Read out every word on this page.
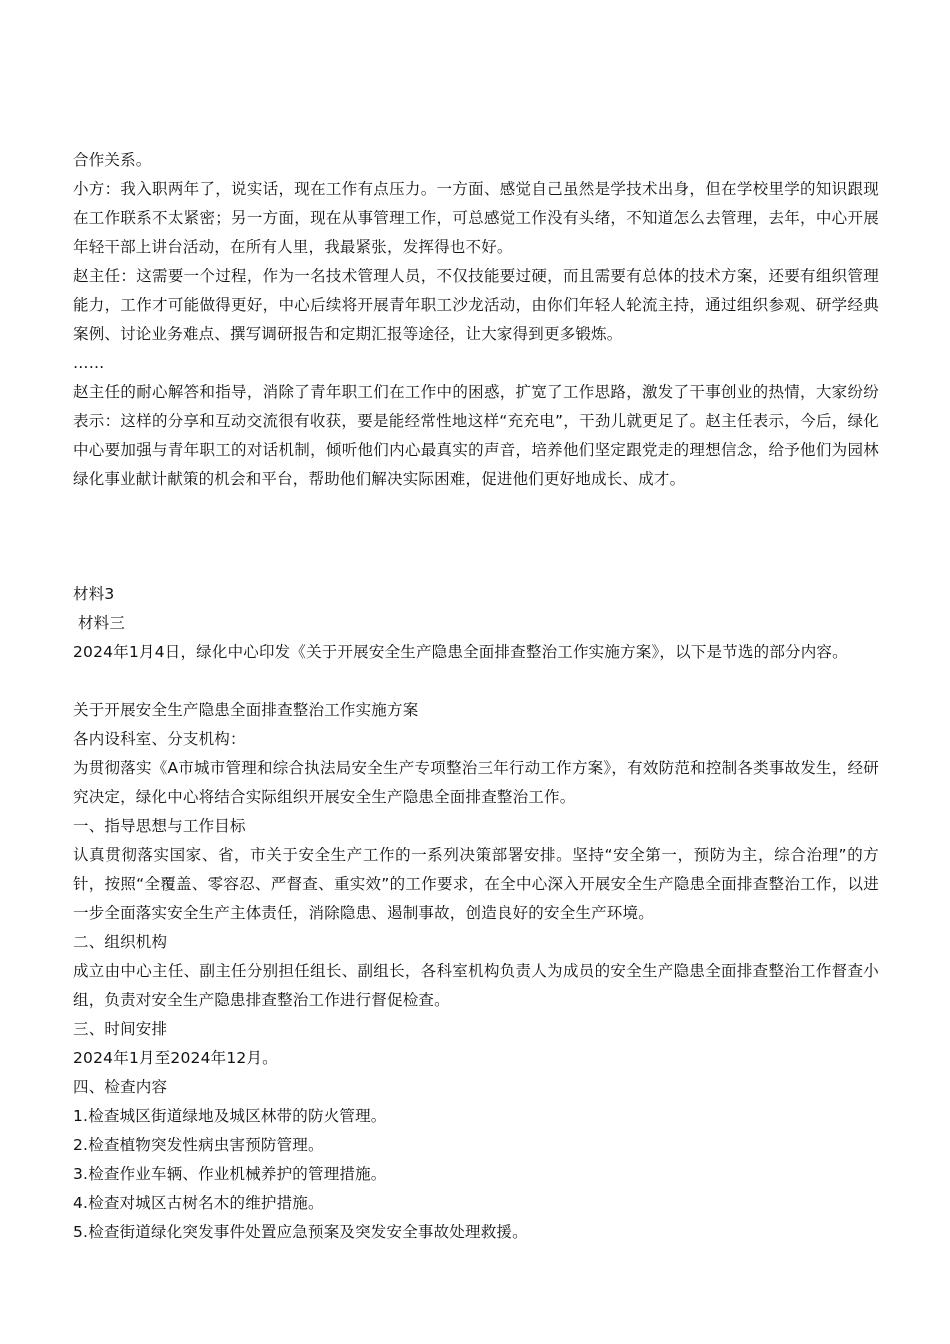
合作关系。

小方：我入职两年了，说实话，现在工作有点压力。一方面、感觉自己虽然是学技术出身，但在学校里学的知识跟现在工作联系不太紧密；另一方面，现在从事管理工作，可总感觉工作没有头绪，不知道怎么去管理，去年，中心开展年轻干部上讲台活动，在所有人里，我最紧张，发挥得也不好。

赵主任：这需要一个过程，作为一名技术管理人员，不仅技能要过硬，而且需要有总体的技术方案，还要有组织管理能力，工作才可能做得更好，中心后续将开展青年职工沙龙活动，由你们年轻人轮流主持，通过组织参观、研学经典案例、讨论业务难点、撰写调研报告和定期汇报等途径，让大家得到更多锻炼。

……

赵主任的耐心解答和指导，消除了青年职工们在工作中的困惑，扩宽了工作思路，激发了干事创业的热情，大家纷纷表示：这样的分享和互动交流很有收获，要是能经常性地这样“充充电”，干劲儿就更足了。赵主任表示，今后，绿化中心要加强与青年职工的对话机制，倾听他们内心最真实的声音，培养他们坚定跟党走的理想信念，给予他们为园林绿化事业献计献策的机会和平台，帮助他们解决实际困难，促进他们更好地成长、成才。

材料3

材料三

2024年1月4日，绿化中心印发《关于开展安全生产隐患全面排查整治工作实施方案》，以下是节选的部分内容。

关于开展安全生产隐患全面排查整治工作实施方案

各内设科室、分支机构：

为贯彻落实《A市城市管理和综合执法局安全生产专项整治三年行动工作方案》，有效防范和控制各类事故发生，经研究决定，绿化中心将结合实际组织开展安全生产隐患全面排查整治工作。

一、指导思想与工作目标

认真贯彻落实国家、省，市关于安全生产工作的一系列决策部署安排。坚持“安全第一，预防为主，综合治理”的方针，按照“全覆盖、零容忍、严督查、重实效”的工作要求，在全中心深入开展安全生产隐患全面排查整治工作，以进一步全面落实安全生产主体责任，消除隐患、遏制事故，创造良好的安全生产环境。

二、组织机构

成立由中心主任、副主任分别担任组长、副组长，各科室机构负责人为成员的安全生产隐患全面排查整治工作督查小组，负责对安全生产隐患排查整治工作进行督促检查。

三、时间安排

2024年1月至2024年12月。

四、检查内容

1.检查城区街道绿地及城区林带的防火管理。

2.检查植物突发性病虫害预防管理。

3.检查作业车辆、作业机械养护的管理措施。

4.检查对城区古树名木的维护措施。

5.检查街道绿化突发事件处置应急预案及突发安全事故处理救援。
